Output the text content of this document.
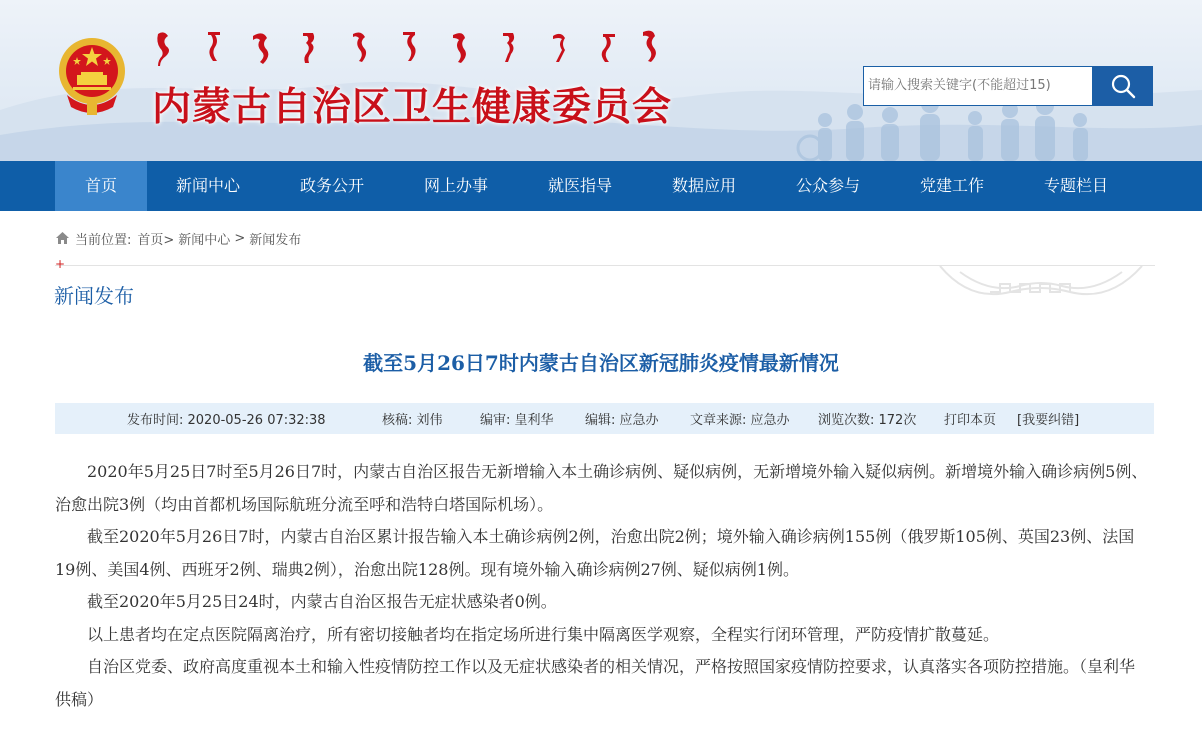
内蒙古自治区卫生健康委员会	请输入搜索关键字(不能超过15)
首页	新闻中心	政务公开	网上办事	就医指导	数据应用	公众参与	党建工作	专题栏目
当前位置: 首页> 新闻中心 > 新闻发布
+
新闻发布
截至5月26日7时内蒙古自治区新冠肺炎疫情最新情况
发布时间: 2020-05-26 07:32:38	核稿: 刘伟	编审: 皇利华 编辑: 应急办 文章来源: 应急办 浏览次数: 172次 打印本页 [我要纠错]

2020年5月25日7时至5月26日7时，内蒙古自治区报告无新增输入本土确诊病例、疑似病例，无新增境外输入疑似病例。新增境外输入确诊病例5例、治愈出院3例（均由首都机场国际航班分流至呼和浩特白塔国际机场）。

截至2020年5月26日7时，内蒙古自治区累计报告输入本土确诊病例2例，治愈出院2例；境外输入确诊病例155例（俄罗斯105例、英国23例、法国19例、美国4例、西班牙2例、瑞典2例），治愈出院128例。现有境外输入确诊病例27例、疑似病例1例。

截至2020年5月25日24时，内蒙古自治区报告无症状感染者0例。

以上患者均在定点医院隔离治疗，所有密切接触者均在指定场所进行集中隔离医学观察，全程实行闭环管理，严防疫情扩散蔓延。

自治区党委、政府高度重视本土和输入性疫情防控工作以及无症状感染者的相关情况，严格按照国家疫情防控要求，认真落实各项防控措施。（皇利华 供稿）
